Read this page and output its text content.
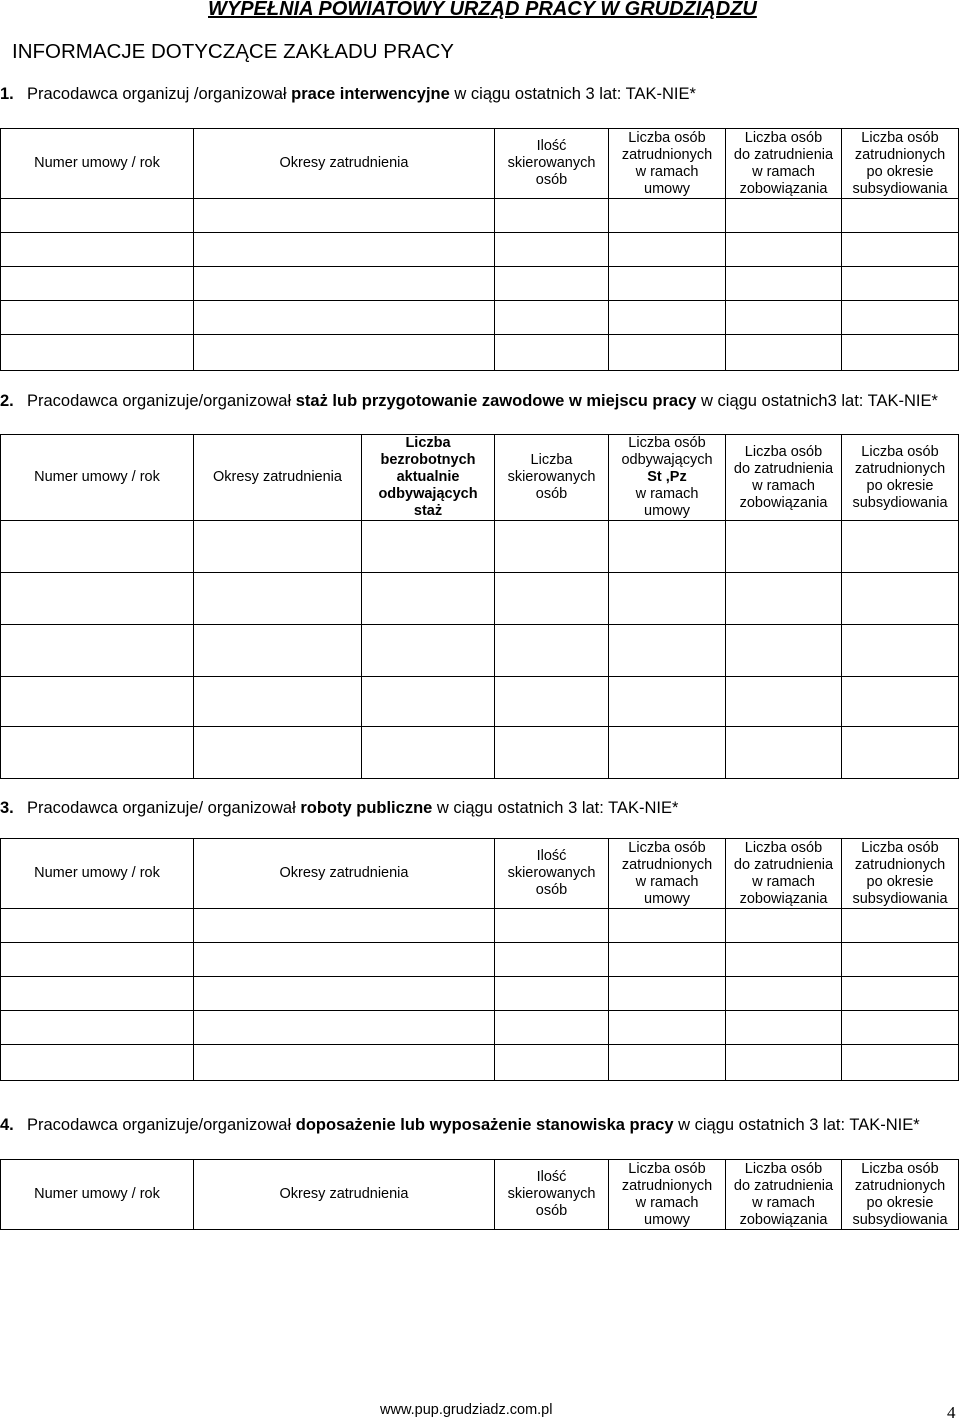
WYPEŁNIA POWIATOWY URZĄD PRACY W GRUDZIĄDZU
INFORMACJE DOTYCZĄCE ZAKŁADU PRACY
1. Pracodawca organizuj /organizował prace interwencyjne w ciągu ostatnich 3 lat: TAK-NIE*
Numer umowy / rok	Okresy zatrudnienia	Ilość
skierowanych
osób	Liczba osób
zatrudnionych
w ramach
umowy	Liczba osób
do zatrudnienia
w ramach
zobowiązania	Liczba osób
zatrudnionych
po okresie
subsydiowania

2. Pracodawca organizuje/organizował staż lub przygotowanie zawodowe w miejscu pracy w ciągu ostatnich3 lat: TAK-NIE*
Numer umowy / rok	Okresy zatrudnienia	Liczba
bezrobotnych
aktualnie
odbywających
staż	Liczba
skierowanych
osób	Liczba osób
odbywających
St ,Pz
w ramach
umowy	Liczba osób
do zatrudnienia
w ramach
zobowiązania	Liczba osób
zatrudnionych
po okresie
subsydiowania

3. Pracodawca organizuje/ organizował roboty publiczne w ciągu ostatnich 3 lat: TAK-NIE*
Numer umowy / rok	Okresy zatrudnienia	Ilość
skierowanych
osób	Liczba osób
zatrudnionych
w ramach
umowy	Liczba osób
do zatrudnienia
w ramach
zobowiązania	Liczba osób
zatrudnionych
po okresie
subsydiowania

4. Pracodawca organizuje/organizował doposażenie lub wyposażenie stanowiska pracy w ciągu ostatnich 3 lat: TAK-NIE*
Numer umowy / rok	Okresy zatrudnienia	Ilość
skierowanych
osób	Liczba osób
zatrudnionych
w ramach
umowy	Liczba osób
do zatrudnienia
w ramach
zobowiązania	Liczba osób
zatrudnionych
po okresie
subsydiowania
www.pup.grudziadz.com.pl	4
